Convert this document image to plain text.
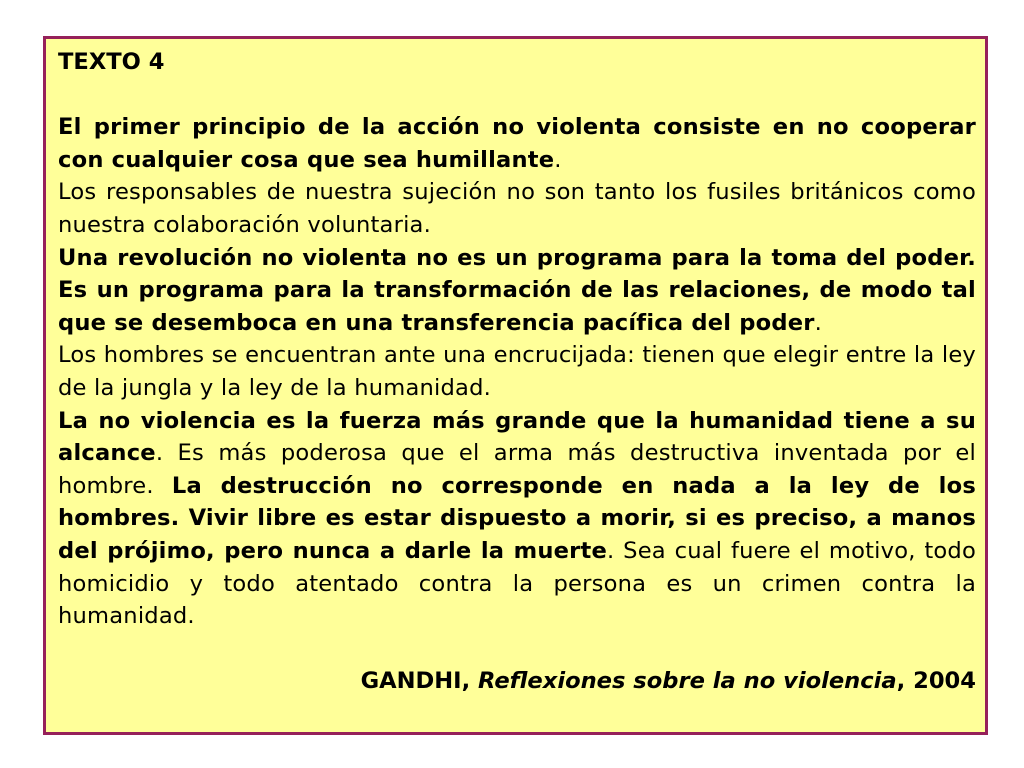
TEXTO 4

El primer principio de la acción no violenta consiste en no cooperar con cualquier cosa que sea humillante.

Los responsables de nuestra sujeción no son tanto los fusiles británicos como nuestra colaboración voluntaria.

Una revolución no violenta no es un programa para la toma del poder. Es un programa para la transformación de las relaciones, de modo tal que se desemboca en una transferencia pacífica del poder.

Los hombres se encuentran ante una encrucijada: tienen que elegir entre la ley de la jungla y la ley de la humanidad.

La no violencia es la fuerza más grande que la humanidad tiene a su alcance. Es más poderosa que el arma más destructiva inventada por el hombre. La destrucción no corresponde en nada a la ley de los hombres. Vivir libre es estar dispuesto a morir, si es preciso, a manos del prójimo, pero nunca a darle la muerte. Sea cual fuere el motivo, todo homicidio y todo atentado contra la persona es un crimen contra la humanidad.

GANDHI, Reflexiones sobre la no violencia, 2004
